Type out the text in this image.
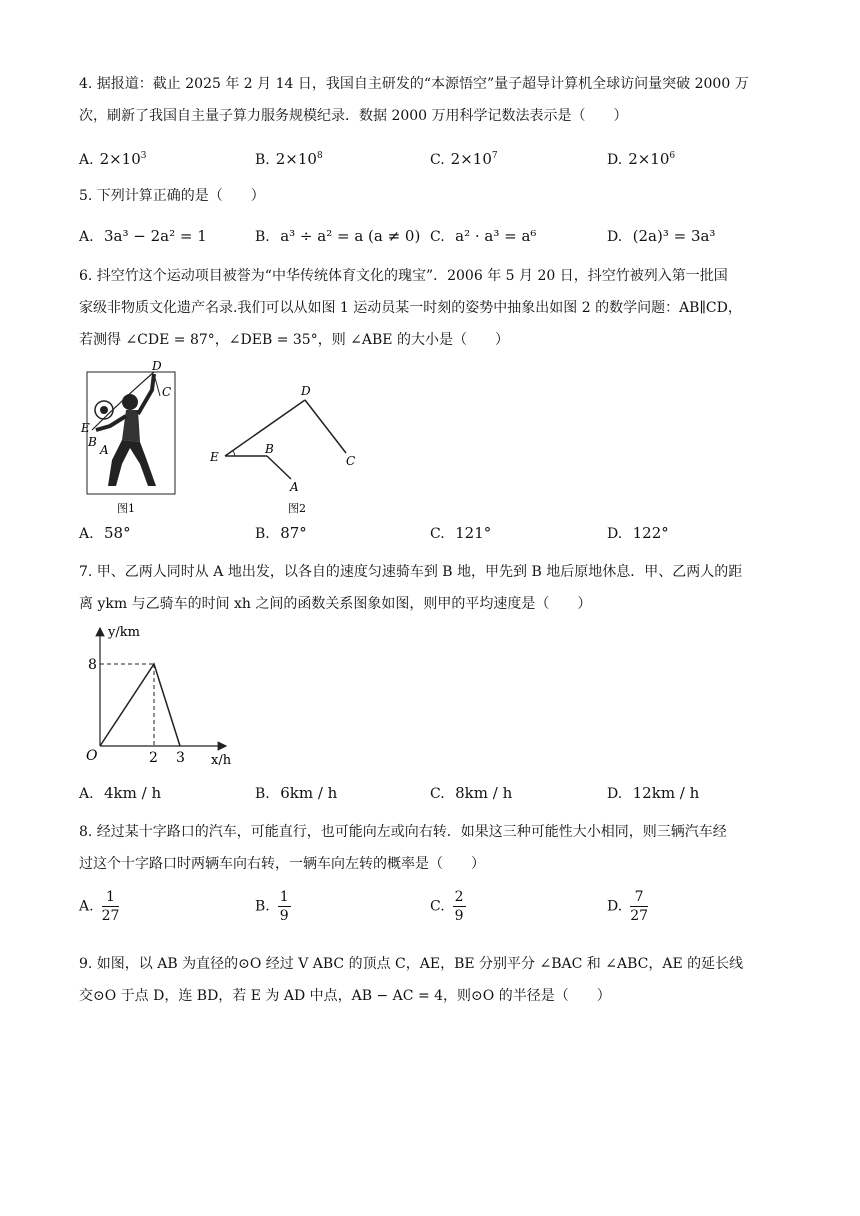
4. 据报道：截止 2025 年 2 月 14 日，我国自主研发的“本源悟空”量子超导计算机全球访问量突破 2000 万
次，刷新了我国自主量子算力服务规模纪录．数据 2000 万用科学记数法表示是（　　）
A. $2\times 10^3$	B. $2\times 10^8$	C. $2\times 10^7$	D. $2\times 10^6$
5. 下列计算正确的是（　　）
A. 3a³ − 2a² = 1	B. a³ ÷ a² = a (a ≠ 0) C. a² · a³ = a⁶	D. (2a)³ = 3a³
6. 抖空竹这个运动项目被誉为“中华传统体育文化的瑰宝”．2006 年 5 月 20 日，抖空竹被列入第一批国
家级非物质文化遗产名录.我们可以从如图 1 运动员某一时刻的姿势中抽象出如图 2 的数学问题：AB∥CD，
若测得 ∠CDE = 87°，∠DEB = 35°，则 ∠ABE 的大小是（　　）
D
C
E
B
A
图1
D
E
B
A
C
图2
A. 58°	B. 87°	C. 121°	D. 122°
7. 甲、乙两人同时从 A 地出发，以各自的速度匀速骑车到 B 地，甲先到 B 地后原地休息．甲、乙两人的距
离 ykm 与乙骑车的时间 xh 之间的函数关系图象如图，则甲的平均速度是（　　）
y/km
x/h
O
8
2 3
A. 4km / h	B. 6km / h	C. 8km / h	D. 12km / h
8. 经过某十字路口的汽车，可能直行，也可能向左或向右转．如果这三种可能性大小相同，则三辆汽车经
过这个十字路口时两辆车向右转，一辆车向左转的概率是（　　）
A. $\frac{1}{27}$	B. $\frac{1}{9}$	C. $\frac{2}{9}$	D. $\frac{7}{27}$
9. 如图，以 AB 为直径的⊙O 经过 V ABC 的顶点 C，AE，BE 分别平分 ∠BAC 和 ∠ABC，AE 的延长线
交⊙O 于点 D，连 BD，若 E 为 AD 中点，AB − AC = 4，则⊙O 的半径是（　　）
